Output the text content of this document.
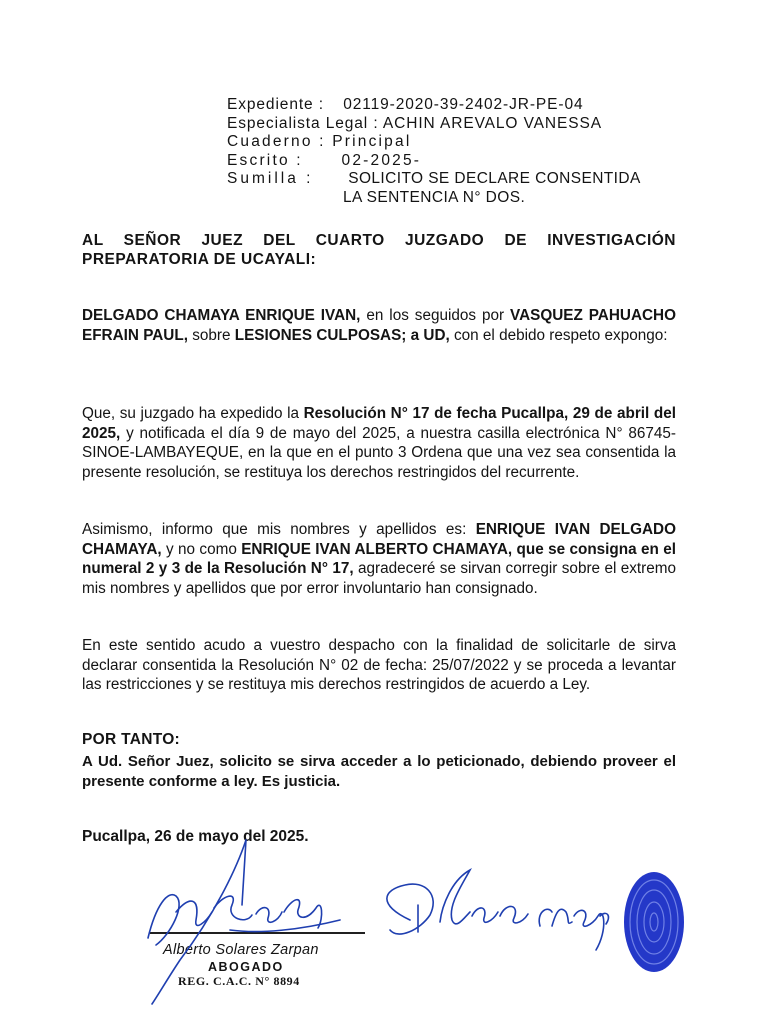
Expediente : 02119-2020-39-2402-JR-PE-04
Especialista Legal : ACHIN AREVALO VANESSA
Cuaderno : Principal
Escrito : 02-2025-
Sumilla : SOLICITO SE DECLARE CONSENTIDA
LA SENTENCIA N° DOS.
AL SEÑOR JUEZ DEL CUARTO JUZGADO DE INVESTIGACIÓN
PREPARATORIA DE UCAYALI:
DELGADO CHAMAYA ENRIQUE IVAN, en los seguidos por VASQUEZ PAHUACHO EFRAIN PAUL, sobre LESIONES CULPOSAS; a UD, con el debido respeto expongo:
Que, su juzgado ha expedido la Resolución N° 17 de fecha Pucallpa, 29 de abril del 2025, y notificada el día 9 de mayo del 2025, a nuestra casilla electrónica N° 86745-SINOE-LAMBAYEQUE, en la que en el punto 3 Ordena que una vez sea consentida la presente resolución, se restituya los derechos restringidos del recurrente.
Asimismo, informo que mis nombres y apellidos es: ENRIQUE IVAN DELGADO CHAMAYA, y no como ENRIQUE IVAN ALBERTO CHAMAYA, que se consigna en el numeral 2 y 3 de la Resolución N° 17, agradeceré se sirvan corregir sobre el extremo mis nombres y apellidos que por error involuntario han consignado.
En este sentido acudo a vuestro despacho con la finalidad de solicitarle de sirva declarar consentida la Resolución N° 02 de fecha: 25/07/2022 y se proceda a levantar las restricciones y se restituya mis derechos restringidos de acuerdo a Ley.
POR TANTO:
A Ud. Señor Juez, solicito se sirva acceder a lo peticionado, debiendo proveer el presente conforme a ley. Es justicia.
Pucallpa, 26 de mayo del 2025.
Alberto Solares Zarpan
ABOGADO
REG. C.A.C. N° 8894
